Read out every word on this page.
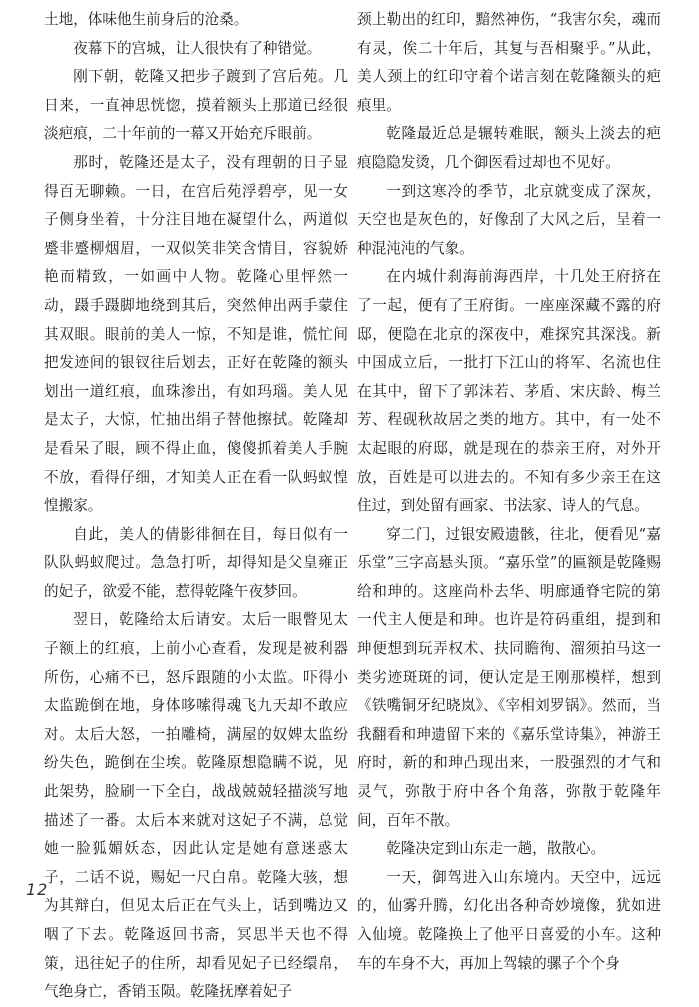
土地，体味他生前身后的沧桑。

夜幕下的宫城，让人很快有了种错觉。

刚下朝，乾隆又把步子踱到了宫后苑。几日来，一直神思恍惚，摸着额头上那道已经很淡疤痕，二十年前的一幕又开始充斥眼前。

那时，乾隆还是太子，没有理朝的日子显得百无聊赖。一日，在宫后苑浮碧亭，见一女子侧身坐着，十分注目地在凝望什么，两道似蹙非蹙柳烟眉，一双似笑非笑含情目，容貌娇艳而精致，一如画中人物。乾隆心里怦然一动，蹑手蹑脚地绕到其后，突然伸出两手蒙住其双眼。眼前的美人一惊，不知是谁，慌忙间把发迹间的银钗往后划去，正好在乾隆的额头划出一道红痕，血珠渗出，有如玛瑙。美人见是太子，大惊，忙抽出绢子替他擦拭。乾隆却是看呆了眼，顾不得止血，傻傻抓着美人手腕不放，看得仔细，才知美人正在看一队蚂蚁惶惶搬家。

自此，美人的倩影徘徊在目，每日似有一队队蚂蚁爬过。急急打听，却得知是父皇雍正的妃子，欲爱不能，惹得乾隆午夜梦回。

翌日，乾隆给太后请安。太后一眼瞥见太子额上的红痕，上前小心查看，发现是被利器所伤，心痛不已，怒斥跟随的小太监。吓得小太监跪倒在地，身体哆嗦得魂飞九天却不敢应对。太后大怒，一拍雕椅，满屋的奴婢太监纷纷失色，跪倒在尘埃。乾隆原想隐瞒不说，见此架势，脸刷一下全白，战战兢兢轻描淡写地描述了一番。太后本来就对这妃子不满，总觉她一脸狐媚妖态，因此认定是她有意迷惑太子，二话不说，赐妃一尺白帛。乾隆大骇，想为其辩白，但见太后正在气头上，话到嘴边又咽了下去。乾隆返回书斋，冥思半天也不得策，迅往妃子的住所，却看见妃子已经缳帛，气绝身亡，香销玉陨。乾隆抚摩着妃子

颈上勒出的红印，黯然神伤，“我害尔矣，魂而有灵，俟二十年后，其复与吾相聚乎。”从此，美人颈上的红印守着个诺言刻在乾隆额头的疤痕里。

乾隆最近总是辗转难眠，额头上淡去的疤痕隐隐发烫，几个御医看过却也不见好。

一到这寒冷的季节，北京就变成了深灰，天空也是灰色的，好像刮了大风之后，呈着一种混沌沌的气象。

在内城什刹海前海西岸，十几处王府挤在了一起，便有了王府街。一座座深藏不露的府邸，便隐在北京的深夜中，难探究其深浅。新中国成立后，一批打下江山的将军、名流也住在其中，留下了郭沫若、茅盾、宋庆龄、梅兰芳、程砚秋故居之类的地方。其中，有一处不太起眼的府邸，就是现在的恭亲王府，对外开放，百姓是可以进去的。不知有多少亲王在这住过，到处留有画家、书法家、诗人的气息。

穿二门，过银安殿遗骸，往北，便看见“嘉乐堂”三字高悬头顶。“嘉乐堂”的匾额是乾隆赐给和珅的。这座尚朴去华、明廊通脊宅院的第一代主人便是和珅。也许是符码重组，提到和珅便想到玩弄权术、扶同瞻徇、溜须拍马这一类劣迹斑斑的词，便认定是王刚那模样，想到《铁嘴铜牙纪晓岚》、《宰相刘罗锅》。然而，当我翻看和珅遗留下来的《嘉乐堂诗集》，神游王府时，新的和珅凸现出来，一股强烈的才气和灵气，弥散于府中各个角落，弥散于乾隆年间，百年不散。

乾隆决定到山东走一趟，散散心。

一天，御驾进入山东境内。天空中，远远的，仙雾升腾，幻化出各种奇妙境像，犹如进入仙境。乾隆换上了他平日喜爱的小车。这种车的车身不大，再加上驾辕的骡子个个身

12
